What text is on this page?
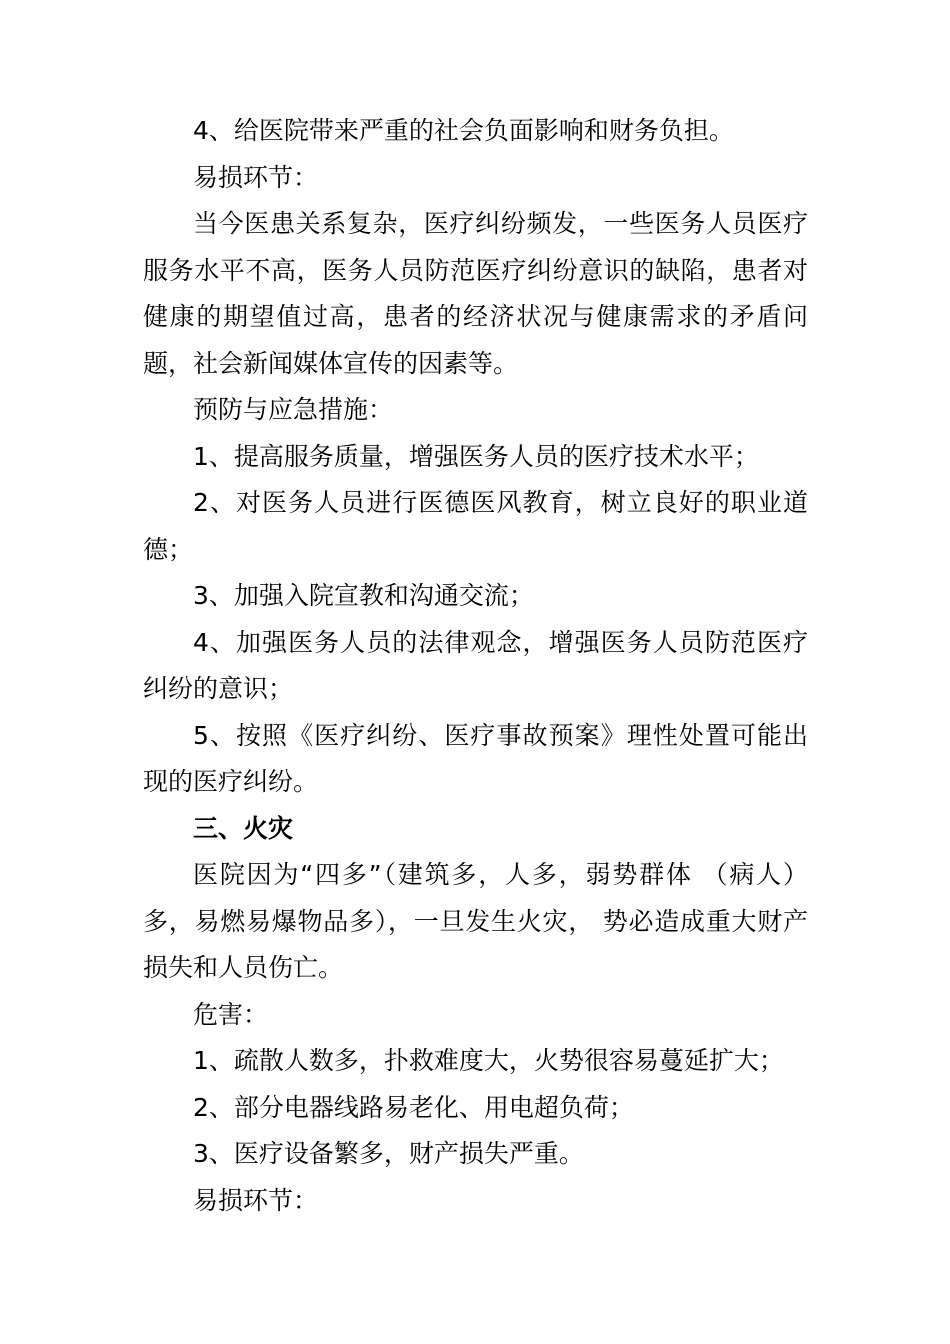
4、给医院带来严重的社会负面影响和财务负担。

易损环节：

当今医患关系复杂，医疗纠纷频发，一些医务人员医疗服务水平不高，医务人员防范医疗纠纷意识的缺陷，患者对健康的期望值过高，患者的经济状况与健康需求的矛盾问题，社会新闻媒体宣传的因素等。

预防与应急措施：

1、提高服务质量，增强医务人员的医疗技术水平；

2、对医务人员进行医德医风教育，树立良好的职业道德；

3、加强入院宣教和沟通交流；

4、加强医务人员的法律观念，增强医务人员防范医疗纠纷的意识；

5、按照《医疗纠纷、医疗事故预案》理性处置可能出现的医疗纠纷。

三、火灾

医院因为“四多”（建筑多，人多，弱势群体 （病人）多，易燃易爆物品多），一旦发生火灾， 势必造成重大财产损失和人员伤亡。

危害：

1、疏散人数多，扑救难度大，火势很容易蔓延扩大；

2、部分电器线路易老化、用电超负荷；

3、医疗设备繁多，财产损失严重。

易损环节：
